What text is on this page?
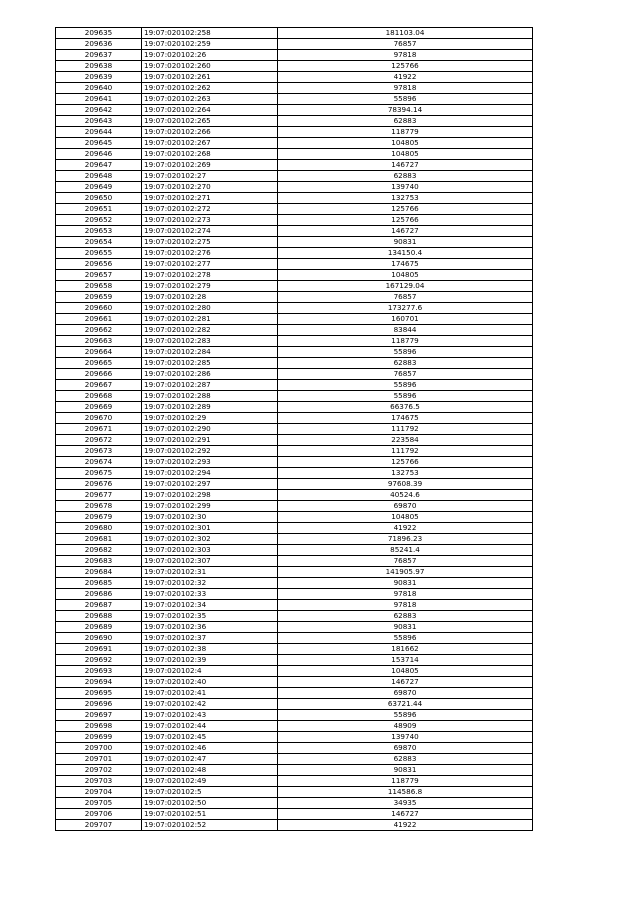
209635	19:07:020102:258	181103.04
209636	19:07:020102:259	76857
209637	19:07:020102:26	97818
209638	19:07:020102:260	125766
209639	19:07:020102:261	41922
209640	19:07:020102:262	97818
209641	19:07:020102:263	55896
209642	19:07:020102:264	78394.14
209643	19:07:020102:265	62883
209644	19:07:020102:266	118779
209645	19:07:020102:267	104805
209646	19:07:020102:268	104805
209647	19:07:020102:269	146727
209648	19:07:020102:27	62883
209649	19:07:020102:270	139740
209650	19:07:020102:271	132753
209651	19:07:020102:272	125766
209652	19:07:020102:273	125766
209653	19:07:020102:274	146727
209654	19:07:020102:275	90831
209655	19:07:020102:276	134150.4
209656	19:07:020102:277	174675
209657	19:07:020102:278	104805
209658	19:07:020102:279	167129.04
209659	19:07:020102:28	76857
209660	19:07:020102:280	173277.6
209661	19:07:020102:281	160701
209662	19:07:020102:282	83844
209663	19:07:020102:283	118779
209664	19:07:020102:284	55896
209665	19:07:020102:285	62883
209666	19:07:020102:286	76857
209667	19:07:020102:287	55896
209668	19:07:020102:288	55896
209669	19:07:020102:289	66376.5
209670	19:07:020102:29	174675
209671	19:07:020102:290	111792
209672	19:07:020102:291	223584
209673	19:07:020102:292	111792
209674	19:07:020102:293	125766
209675	19:07:020102:294	132753
209676	19:07:020102:297	97608.39
209677	19:07:020102:298	40524.6
209678	19:07:020102:299	69870
209679	19:07:020102:30	104805
209680	19:07:020102:301	41922
209681	19:07:020102:302	71896.23
209682	19:07:020102:303	85241.4
209683	19:07:020102:307	76857
209684	19:07:020102:31	141905.97
209685	19:07:020102:32	90831
209686	19:07:020102:33	97818
209687	19:07:020102:34	97818
209688	19:07:020102:35	62883
209689	19:07:020102:36	90831
209690	19:07:020102:37	55896
209691	19:07:020102:38	181662
209692	19:07:020102:39	153714
209693	19:07:020102:4	104805
209694	19:07:020102:40	146727
209695	19:07:020102:41	69870
209696	19:07:020102:42	63721.44
209697	19:07:020102:43	55896
209698	19:07:020102:44	48909
209699	19:07:020102:45	139740
209700	19:07:020102:46	69870
209701	19:07:020102:47	62883
209702	19:07:020102:48	90831
209703	19:07:020102:49	118779
209704	19:07:020102:5	114586.8
209705	19:07:020102:50	34935
209706	19:07:020102:51	146727
209707	19:07:020102:52	41922
